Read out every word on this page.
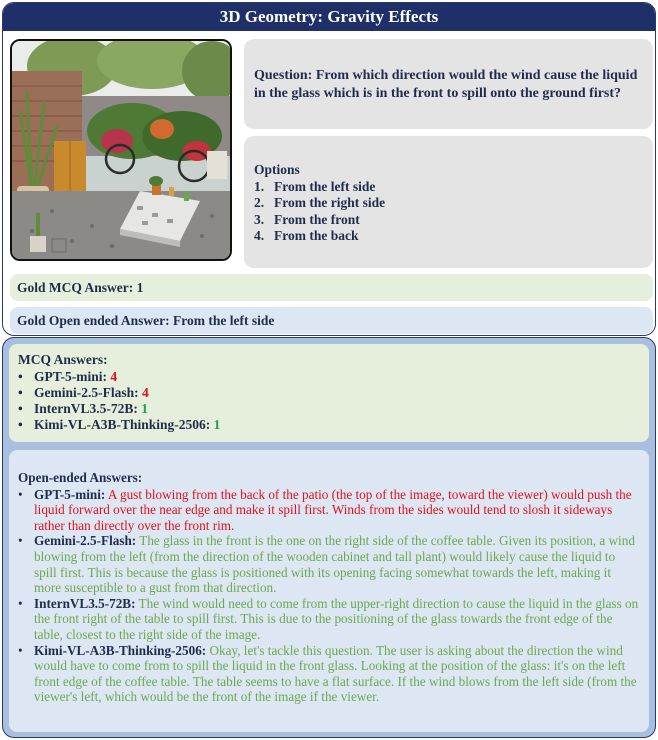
3D Geometry: Gravity Effects
Question: From which direction would the wind cause the liquid in the glass which is in the front to spill onto the ground first?
Options
1. From the left side
2. From the right side
3. From the front
4. From the back
Gold MCQ Answer: 1
Gold Open ended Answer: From the left side
MCQ Answers:
• GPT-5-mini:
4
• Gemini-2.5-Flash:
4
• InternVL3.5-72B:
1
• Kimi-VL-A3B-Thinking-2506:
1
Open-ended Answers:
• GPT-5-mini: A gust blowing from the back of the patio (the top of the image, toward the viewer) would push the liquid forward over the near edge and make it spill first. Winds from the sides would tend to slosh it sideways rather than directly over the front rim.
• Gemini-2.5-Flash: The glass in the front is the one on the right side of the coffee table. Given its position, a wind blowing from the left (from the direction of the wooden cabinet and tall plant) would likely cause the liquid to spill first. This is because the glass is positioned with its opening facing somewhat towards the left, making it more susceptible to a gust from that direction.
• InternVL3.5-72B: The wind would need to come from the upper-right direction to cause the liquid in the glass on the front right of the table to spill first. This is due to the positioning of the glass towards the front edge of the table, closest to the right side of the image.
• Kimi-VL-A3B-Thinking-2506: Okay, let's tackle this question. The user is asking about the direction the wind would have to come from to spill the liquid in the front glass. Looking at the position of the glass: it's on the left front edge of the coffee table. The table seems to have a flat surface. If the wind blows from the left side (from the viewer's left, which would be the front of the image if the viewer.
